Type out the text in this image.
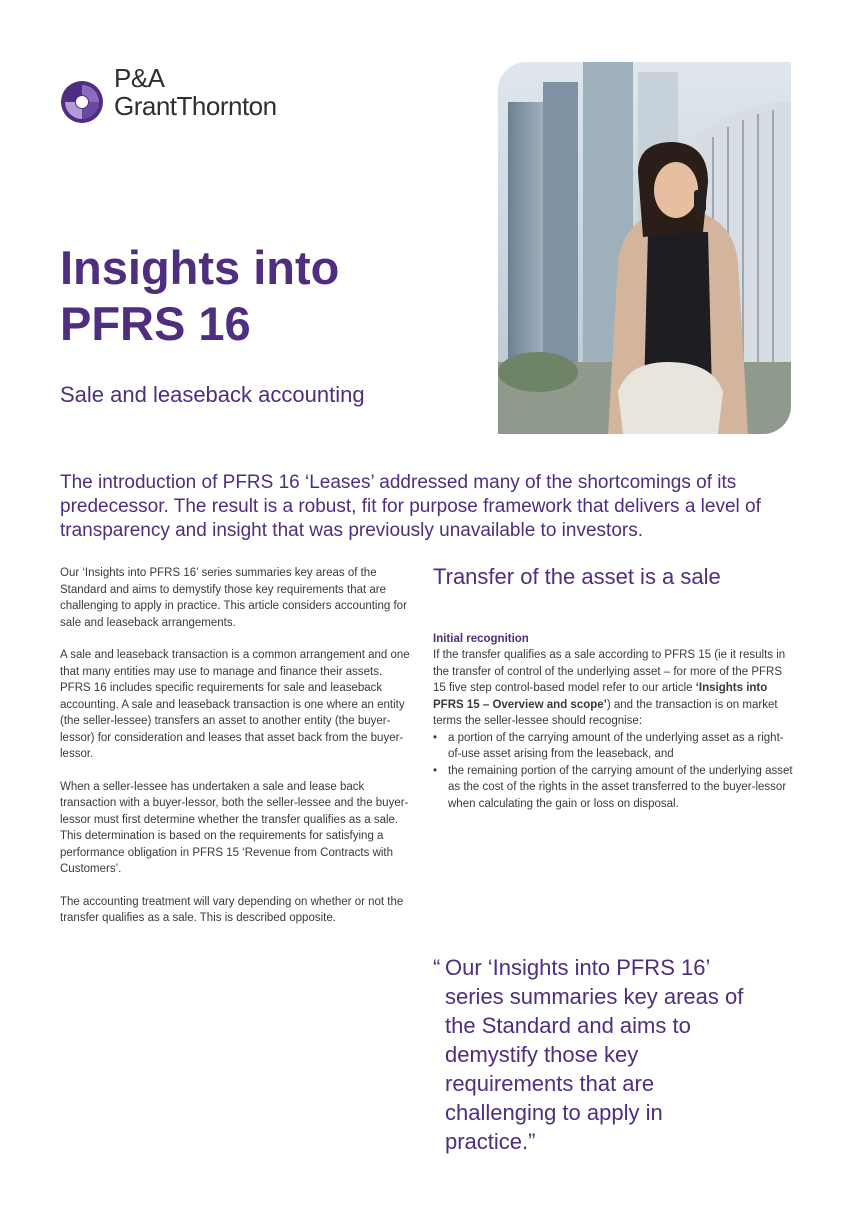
P&A
GrantThornton
Insights into
PFRS 16

Sale and leaseback accounting

The introduction of PFRS 16 ‘Leases’ addressed many of the shortcomings of its predecessor. The result is a robust, fit for purpose framework that delivers a level of transparency and insight that was previously unavailable to investors.

Our ‘Insights into PFRS 16’ series summaries key areas of the Standard and aims to demystify those key requirements that are challenging to apply in practice. This article considers accounting for sale and leaseback arrangements.

A sale and leaseback transaction is a common arrangement and one that many entities may use to manage and finance their assets. PFRS 16 includes specific requirements for sale and leaseback accounting. A sale and leaseback transaction is one where an entity (the seller-lessee) transfers an asset to another entity (the buyer-lessor) for consideration and leases that asset back from the buyer-lessor.

When a seller-lessee has undertaken a sale and lease back transaction with a buyer-lessor, both the seller-lessee and the buyer-lessor must first determine whether the transfer qualifies as a sale. This determination is based on the requirements for satisfying a performance obligation in PFRS 15 ‘Revenue from Contracts with Customers’.

The accounting treatment will vary depending on whether or not the transfer qualifies as a sale. This is described opposite.

Transfer of the asset is a sale
Initial recognition

If the transfer qualifies as a sale according to PFRS 15 (ie it results in the transfer of control of the underlying asset – for more of the PFRS 15 five step control-based model refer to our article ‘Insights into PFRS 15 – Overview and scope’) and the transaction is on market terms the seller-lessee should recognise:

• a portion of the carrying amount of the underlying asset as a right-of-use asset arising from the leaseback, and
• the remaining portion of the carrying amount of the underlying asset as the cost of the rights in the asset transferred to the buyer-lessor when calculating the gain or loss on disposal.

“ Our ‘Insights into PFRS 16’ series summaries key areas of the Standard and aims to demystify those key requirements that are challenging to apply in practice.”
